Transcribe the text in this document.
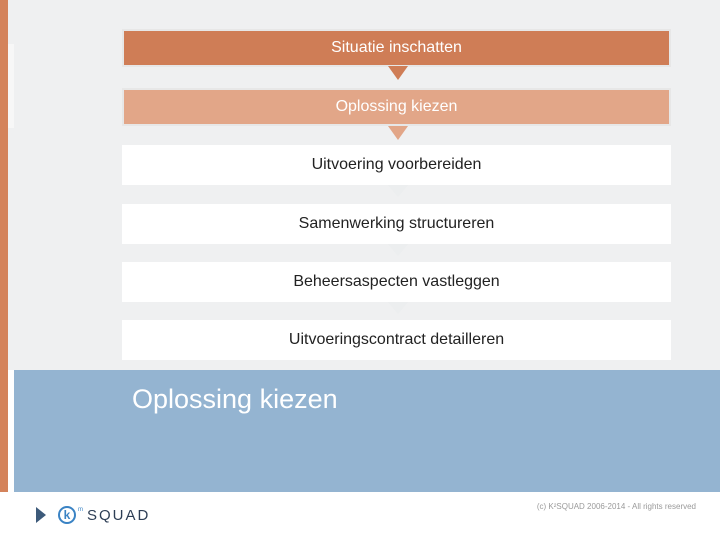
Situatie inschatten
Oplossing kiezen
Uitvoering voorbereiden
Samenwerking structureren
Beheersaspecten vastleggen
Uitvoeringscontract detailleren
Oplossing kiezen
k	m SQUAD	(c) K²SQUAD 2006-2014 - All rights reserved
